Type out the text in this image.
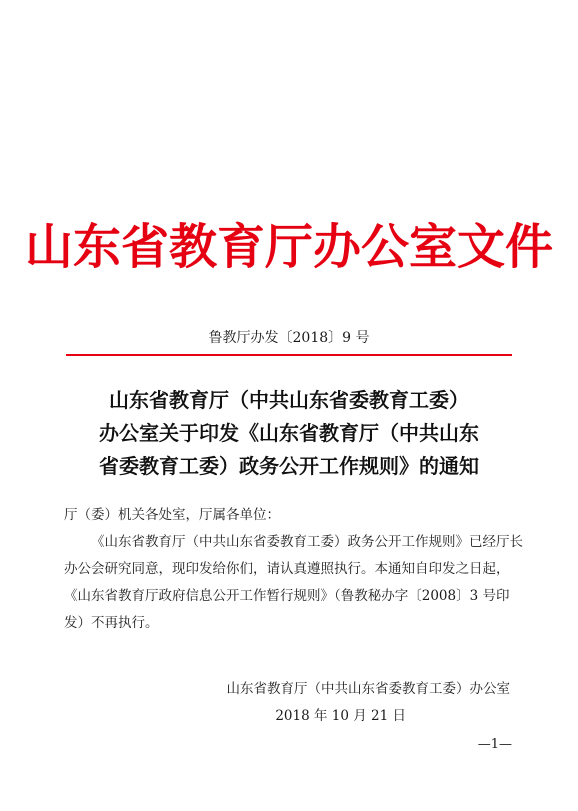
山东省教育厅办公室文件
鲁教厅办发〔2018〕9 号
山东省教育厅（中共山东省委教育工委）
办公室关于印发《山东省教育厅（中共山东
省委教育工委）政务公开工作规则》的通知

厅（委）机关各处室，厅属各单位：

《山东省教育厅（中共山东省委教育工委）政务公开工作规则》已经厅长办公会研究同意，现印发给你们，请认真遵照执行。本通知自印发之日起，《山东省教育厅政府信息公开工作暂行规则》（鲁教秘办字〔2008〕3 号印发）不再执行。

山东省教育厅（中共山东省委教育工委）办公室
2018 年 10 月 21 日
—1—
